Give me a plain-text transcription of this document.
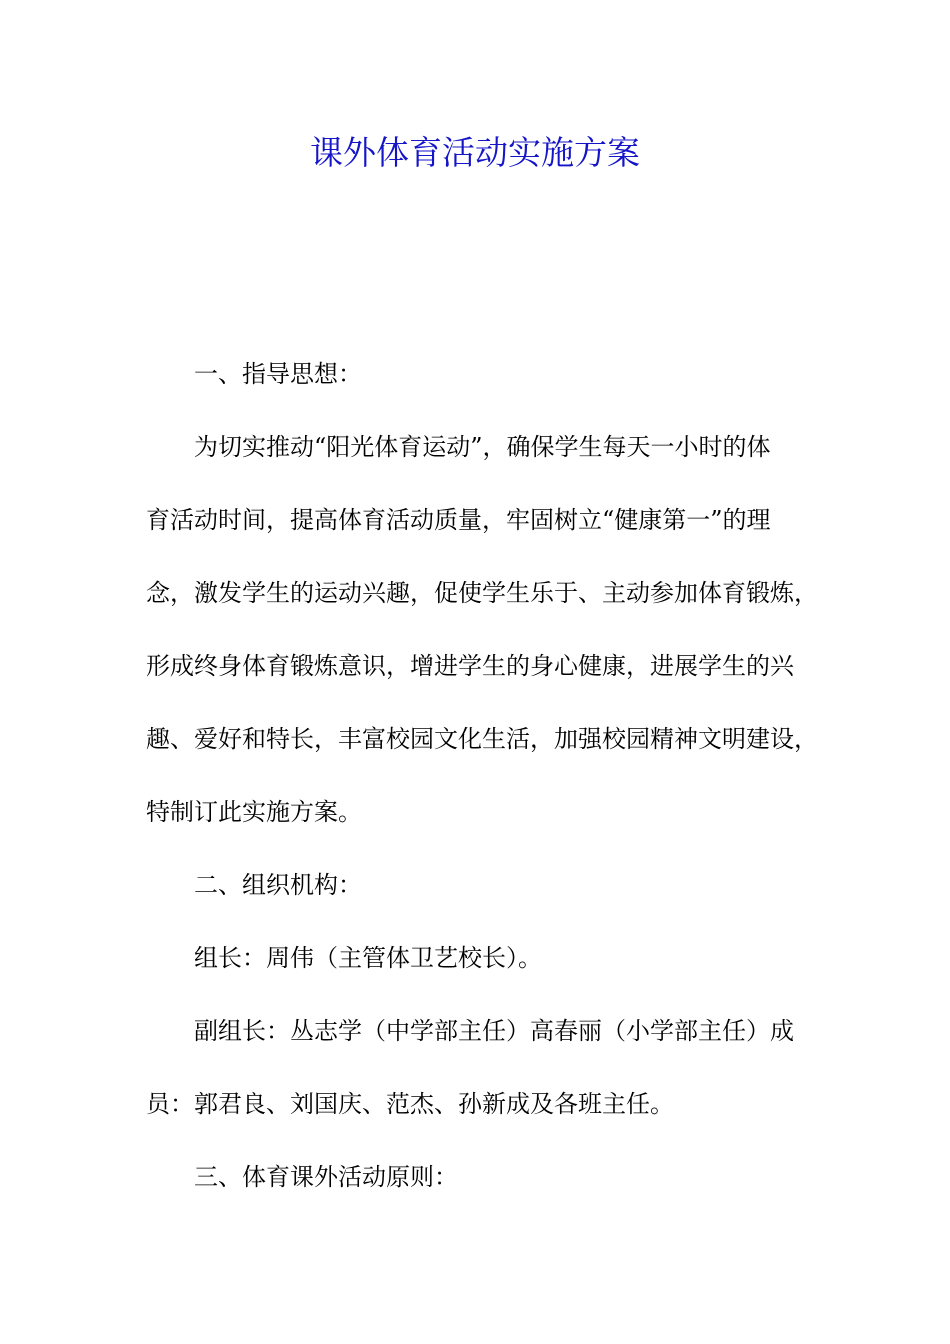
课外体育活动实施方案

一、指导思想：

为切实推动“阳光体育运动”，确保学生每天一小时的体
育活动时间，提高体育活动质量，牢固树立“健康第一”的理
念，激发学生的运动兴趣，促使学生乐于、主动参加体育锻炼，
形成终身体育锻炼意识，增进学生的身心健康，进展学生的兴
趣、爱好和特长，丰富校园文化生活，加强校园精神文明建设，
特制订此实施方案。

二、组织机构：

组长：周伟（主管体卫艺校长）。

副组长：丛志学（中学部主任）高春丽（小学部主任）成
员：郭君良、刘国庆、范杰、孙新成及各班主任。

三、体育课外活动原则：
